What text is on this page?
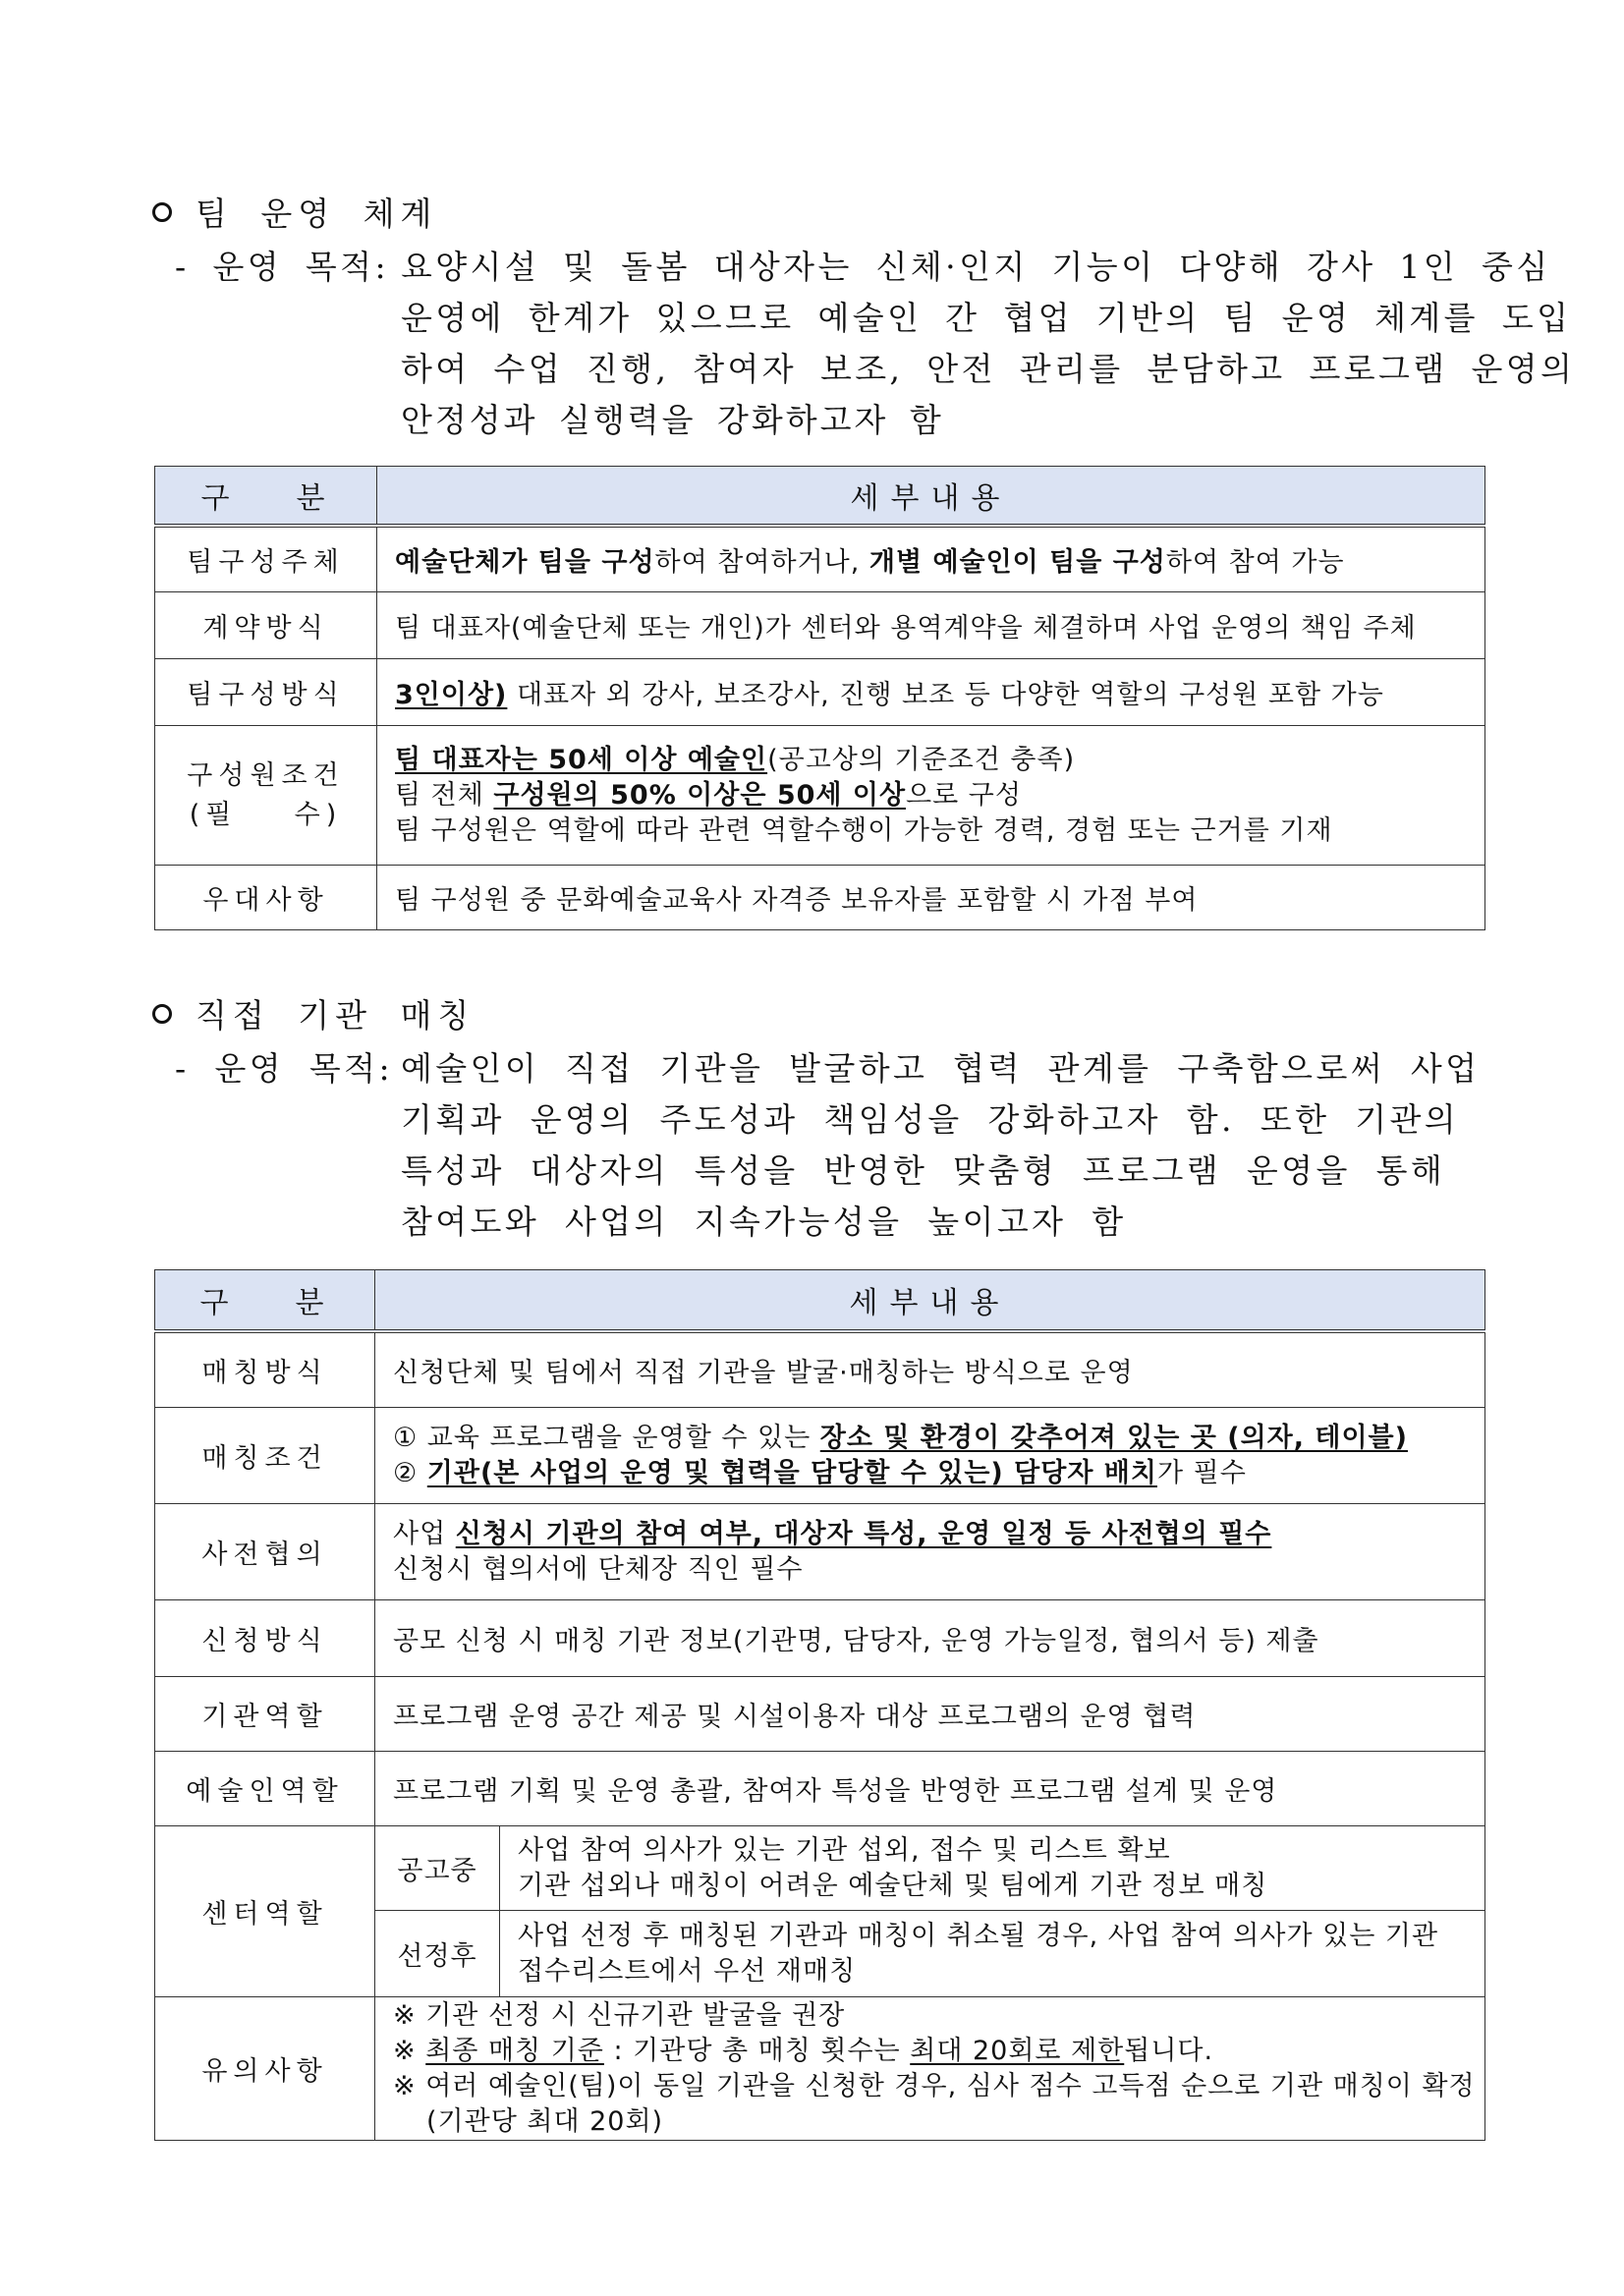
팀 운영 체계
- 운영 목적: 요양시설 및 돌봄 대상자는 신체·인지 기능이 다양해 강사 1인 중심
운영에 한계가 있으므로 예술인 간 협업 기반의 팀 운영 체계를 도입
하여 수업 진행, 참여자 보조, 안전 관리를 분담하고 프로그램 운영의
안정성과 실행력을 강화하고자 함
구    분	세부내용
팀구성주체	예술단체가 팀을 구성하여 참여하거나, 개별 예술인이 팀을 구성하여 참여 가능
계약방식	팀 대표자(예술단체 또는 개인)가 센터와 용역계약을 체결하며 사업 운영의 책임 주체
팀구성방식	3인이상) 대표자 외 강사, 보조강사, 진행 보조 등 다양한 역할의 구성원 포함 가능

구성원조건
(필    수)	팀 대표자는 50세 이상 예술인(공고상의 기준조건 충족)
팀 전체 구성원의 50% 이상은 50세 이상으로 구성
팀 구성원은 역할에 따라 관련 역할수행이 가능한 경력, 경험 또는 근거를 기재

우대사항	팀 구성원 중 문화예술교육사 자격증 보유자를 포함할 시 가점 부여
직접 기관 매칭
- 운영 목적: 예술인이 직접 기관을 발굴하고 협력 관계를 구축함으로써 사업
기획과 운영의 주도성과 책임성을 강화하고자 함. 또한 기관의
특성과 대상자의 특성을 반영한 맞춤형 프로그램 운영을 통해
참여도와 사업의 지속가능성을 높이고자 함
구    분	세부내용	
매칭방식	신청단체 및 팀에서 직접 기관을 발굴·매칭하는 방식으로 운영	
매칭조건	① 교육 프로그램을 운영할 수 있는 장소 및 환경이 갖추어져 있는 곳 (의자, 테이블)
② 기관(본 사업의 운영 및 협력을 담당할 수 있는) 담당자 배치가 필수	

사전협의	사업 신청시 기관의 참여 여부, 대상자 특성, 운영 일정 등 사전협의 필수
신청시 협의서에 단체장 직인 필수	

신청방식	공모 신청 시 매칭 기관 정보(기관명, 담당자, 운영 가능일정, 협의서 등) 제출	
기관역할	프로그램 운영 공간 제공 및 시설이용자 대상 프로그램의 운영 협력	
예술인역할	프로그램 기획 및 운영 총괄, 참여자 특성을 반영한 프로그램 설계 및 운영	
센터역할	공고중	사업 참여 의사가 있는 기관 섭외, 접수 및 리스트 확보
기관 섭외나 매칭이 어려운 예술단체 및 팀에게 기관 정보 매칭

	선정후	사업 선정 후 매칭된 기관과 매칭이 취소될 경우, 사업 참여 의사가 있는 기관
접수리스트에서 우선 재매칭

유의사항	※ 기관 선정 시 신규기관 발굴을 권장
※ 최종 매칭 기준 : 기관당 총 매칭 횟수는 최대 20회로 제한됩니다.
※ 여러 예술인(팀)이 동일 기관을 신청한 경우, 심사 점수 고득점 순으로 기관 매칭이 확정
(기관당 최대 20회)	
